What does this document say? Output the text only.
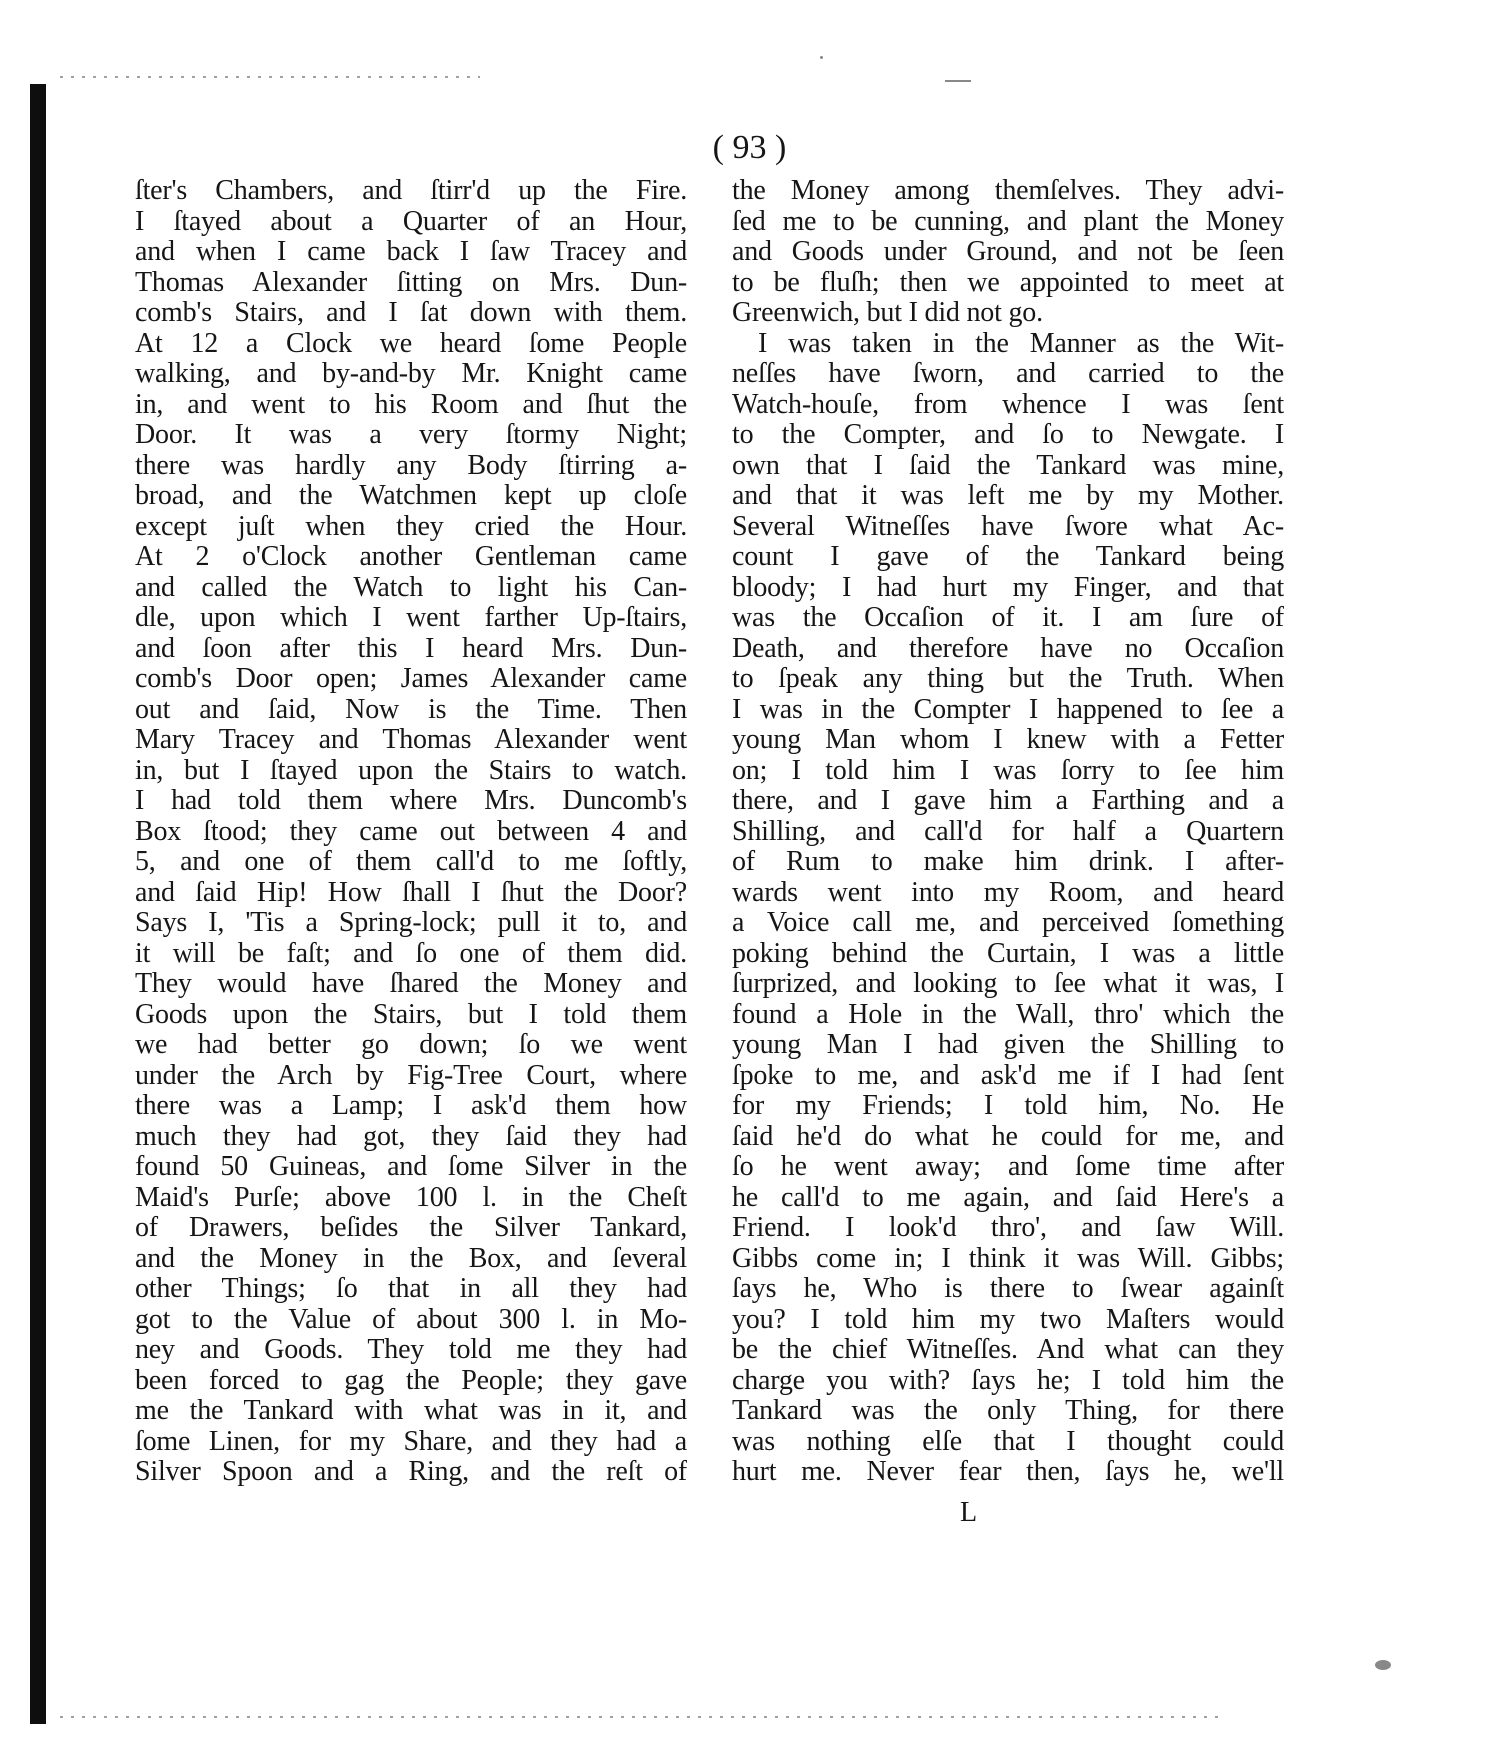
( 93 )
ſter's Chambers, and ſtirr'd up the Fire.
I ſtayed about a Quarter of an Hour,
and when I came back I ſaw Tracey and
Thomas Alexander ſitting on Mrs. Dun-
comb's Stairs, and I ſat down with them.
At 12 a Clock we heard ſome People
walking, and by-and-by Mr. Knight came
in, and went to his Room and ſhut the
Door. It was a very ſtormy Night;
there was hardly any Body ſtirring a-
broad, and the Watchmen kept up cloſe
except juſt when they cried the Hour.
At 2 o'Clock another Gentleman came
and called the Watch to light his Can-
dle, upon which I went farther Up-ſtairs,
and ſoon after this I heard Mrs. Dun-
comb's Door open; James Alexander came
out and ſaid, Now is the Time. Then
Mary Tracey and Thomas Alexander went
in, but I ſtayed upon the Stairs to watch.
I had told them where Mrs. Duncomb's
Box ſtood; they came out between 4 and
5, and one of them call'd to me ſoftly,
and ſaid Hip! How ſhall I ſhut the Door?
Says I, 'Tis a Spring-lock; pull it to, and
it will be faſt; and ſo one of them did.
They would have ſhared the Money and
Goods upon the Stairs, but I told them
we had better go down; ſo we went
under the Arch by Fig-Tree Court, where
there was a Lamp; I ask'd them how
much they had got, they ſaid they had
found 50 Guineas, and ſome Silver in the
Maid's Purſe; above 100 l. in the Cheſt
of Drawers, beſides the Silver Tankard,
and the Money in the Box, and ſeveral
other Things; ſo that in all they had
got to the Value of about 300 l. in Mo-
ney and Goods. They told me they had
been forced to gag the People; they gave
me the Tankard with what was in it, and
ſome Linen, for my Share, and they had a
Silver Spoon and a Ring, and the reſt of
the Money among themſelves. They advi-
ſed me to be cunning, and plant the Money
and Goods under Ground, and not be ſeen
to be fluſh; then we appointed to meet at
Greenwich, but I did not go.
I was taken in the Manner as the Wit-
neſſes have ſworn, and carried to the
Watch-houſe, from whence I was ſent
to the Compter, and ſo to Newgate. I
own that I ſaid the Tankard was mine,
and that it was left me by my Mother.
Several Witneſſes have ſwore what Ac-
count I gave of the Tankard being
bloody; I had hurt my Finger, and that
was the Occaſion of it. I am ſure of
Death, and therefore have no Occaſion
to ſpeak any thing but the Truth. When
I was in the Compter I happened to ſee a
young Man whom I knew with a Fetter
on; I told him I was ſorry to ſee him
there, and I gave him a Farthing and a
Shilling, and call'd for half a Quartern
of Rum to make him drink. I after-
wards went into my Room, and heard
a Voice call me, and perceived ſomething
poking behind the Curtain, I was a little
ſurprized, and looking to ſee what it was, I
found a Hole in the Wall, thro' which the
young Man I had given the Shilling to
ſpoke to me, and ask'd me if I had ſent
for my Friends; I told him, No. He
ſaid he'd do what he could for me, and
ſo he went away; and ſome time after
he call'd to me again, and ſaid Here's a
Friend. I look'd thro', and ſaw Will.
Gibbs come in; I think it was Will. Gibbs;
ſays he, Who is there to ſwear againſt
you? I told him my two Maſters would
be the chief Witneſſes. And what can they
charge you with? ſays he; I told him the
Tankard was the only Thing, for there
was nothing elſe that I thought could
hurt me. Never fear then, ſays he, we'll
L
